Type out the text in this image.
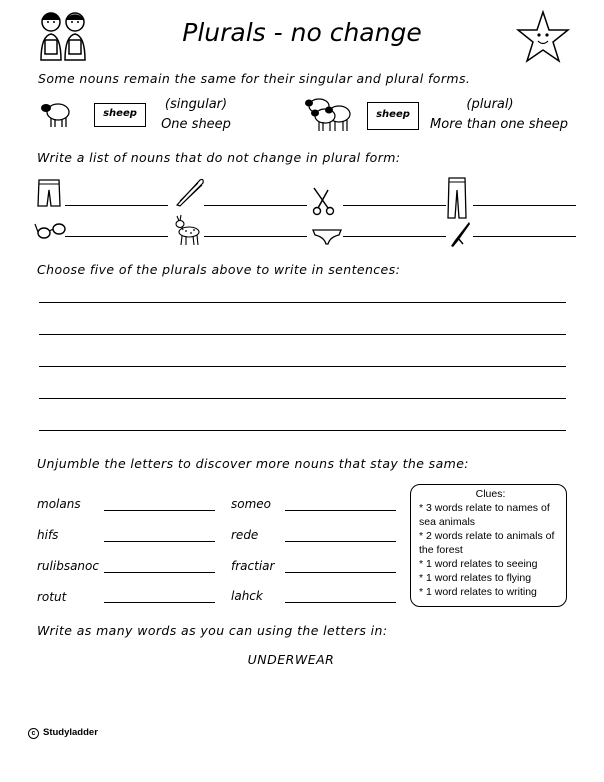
Plurals - no change
Some nouns remain the same for their singular and plural forms.
sheep
(singular)
One sheep
sheep
(plural)
More than one sheep
Write a list of nouns that do not change in plural form:
Choose five of the plurals above to write in sentences:
Unjumble the letters to discover more nouns that stay the same:
molans
hifs
rulibsanoc
rotut
someo
rede
fractiar
lahck
Clues:
* 3 words relate to names of sea animals
* 2 words relate to animals of the forest
* 1 word relates to seeing
* 1 word relates to flying
* 1 word relates to writing
Write as many words as you can using the letters in:
UNDERWEAR
c Studyladder
